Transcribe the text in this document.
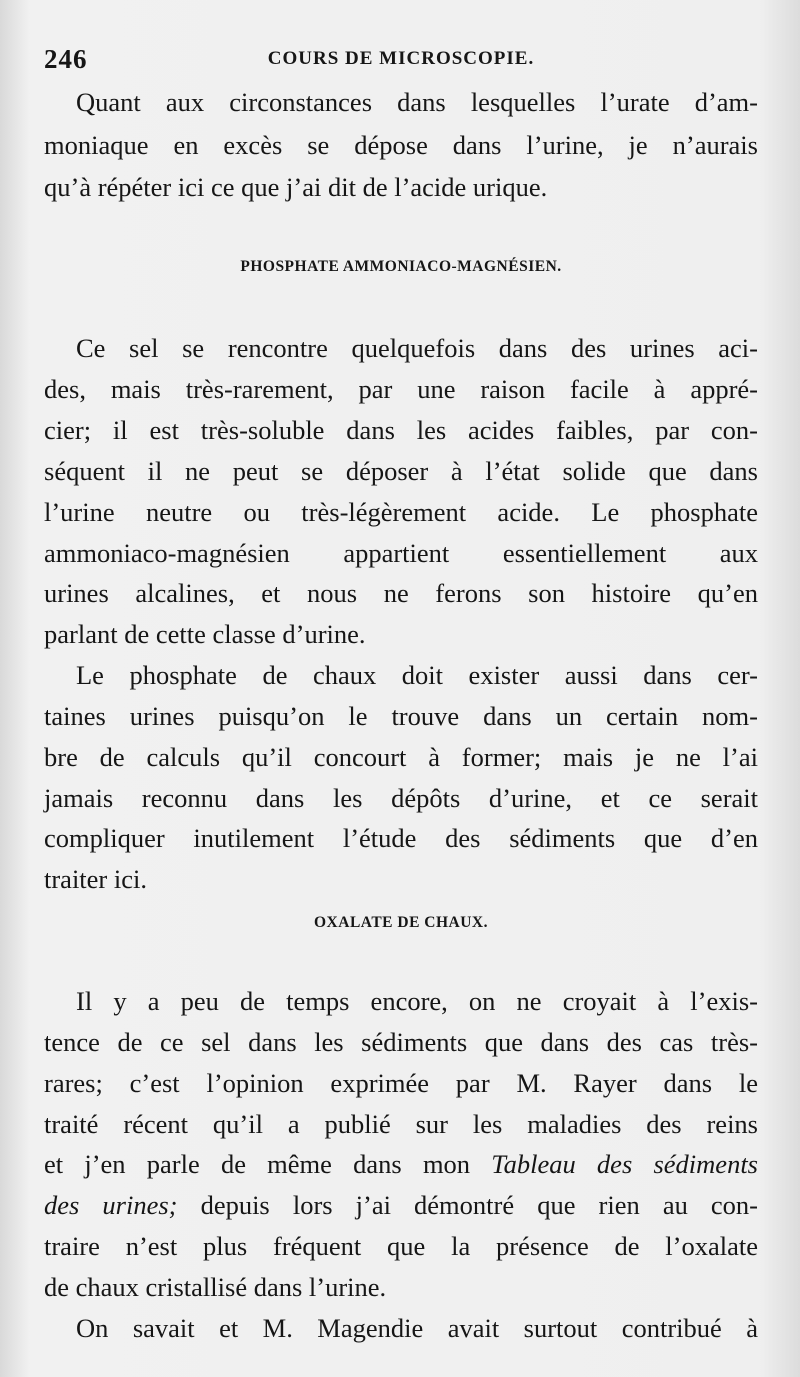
246	COURS DE MICROSCOPIE.
Quant aux circonstances dans lesquelles l’urate d’am-
moniaque en excès se dépose dans l’urine, je n’aurais
qu’à répéter ici ce que j’ai dit de l’acide urique.
PHOSPHATE AMMONIACO-MAGNÉSIEN.
Ce sel se rencontre quelquefois dans des urines aci-
des, mais très-rarement, par une raison facile à appré-
cier; il est très-soluble dans les acides faibles, par con-
séquent il ne peut se déposer à l’état solide que dans
l’urine neutre ou très-légèrement acide. Le phosphate
ammoniaco-magnésien appartient essentiellement aux
urines alcalines, et nous ne ferons son histoire qu’en
parlant de cette classe d’urine.
Le phosphate de chaux doit exister aussi dans cer-
taines urines puisqu’on le trouve dans un certain nom-
bre de calculs qu’il concourt à former; mais je ne l’ai
jamais reconnu dans les dépôts d’urine, et ce serait
compliquer inutilement l’étude des sédiments que d’en
traiter ici.
OXALATE DE CHAUX.
Il y a peu de temps encore, on ne croyait à l’exis-
tence de ce sel dans les sédiments que dans des cas très-
rares; c’est l’opinion exprimée par M. Rayer dans le
traité récent qu’il a publié sur les maladies des reins
et j’en parle de même dans mon Tableau des sédiments
des urines; depuis lors j’ai démontré que rien au con-
traire n’est plus fréquent que la présence de l’oxalate
de chaux cristallisé dans l’urine.
On savait et M. Magendie avait surtout contribué à
